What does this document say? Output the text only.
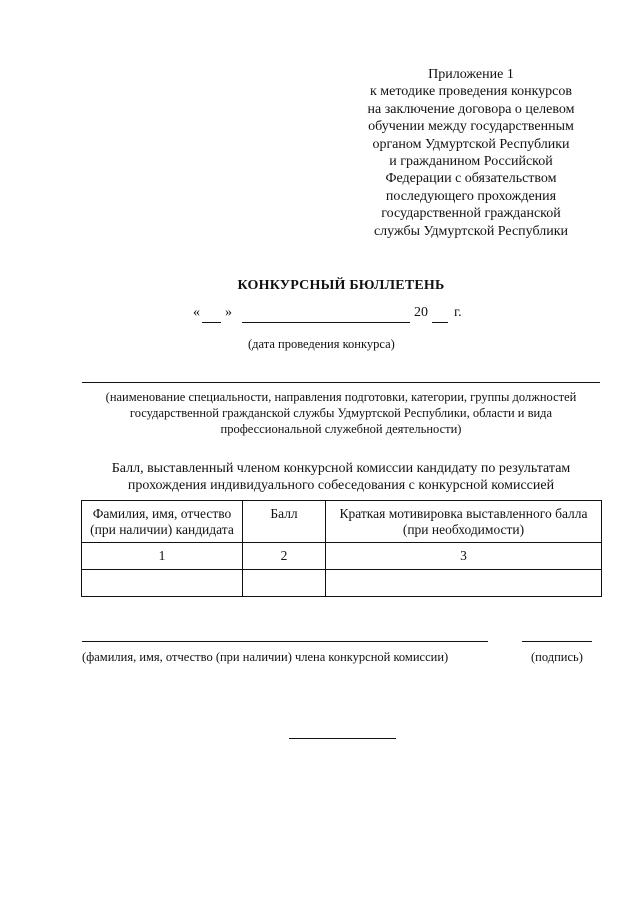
Приложение 1
к методике проведения конкурсов
на заключение договора о целевом
обучении между государственным
органом Удмуртской Республики
и гражданином Российской
Федерации с обязательством
последующего прохождения
государственной гражданской
службы Удмуртской Республики
КОНКУРСНЫЙ БЮЛЛЕТЕНЬ
« »	20 г.
(дата проведения конкурса)
(наименование специальности, направления подготовки, категории, группы должностей
государственной гражданской службы Удмуртской Республики, области и вида
профессиональной служебной деятельности)
Балл, выставленный членом конкурсной комиссии кандидату по результатам
прохождения индивидуального собеседования с конкурсной комиссией
Фамилия, имя, отчество
(при наличии) кандидата	Балл	Краткая мотивировка выставленного балла
(при необходимости)

1	2	3

(фамилия, имя, отчество (при наличии) члена конкурсной комиссии)	(подпись)
